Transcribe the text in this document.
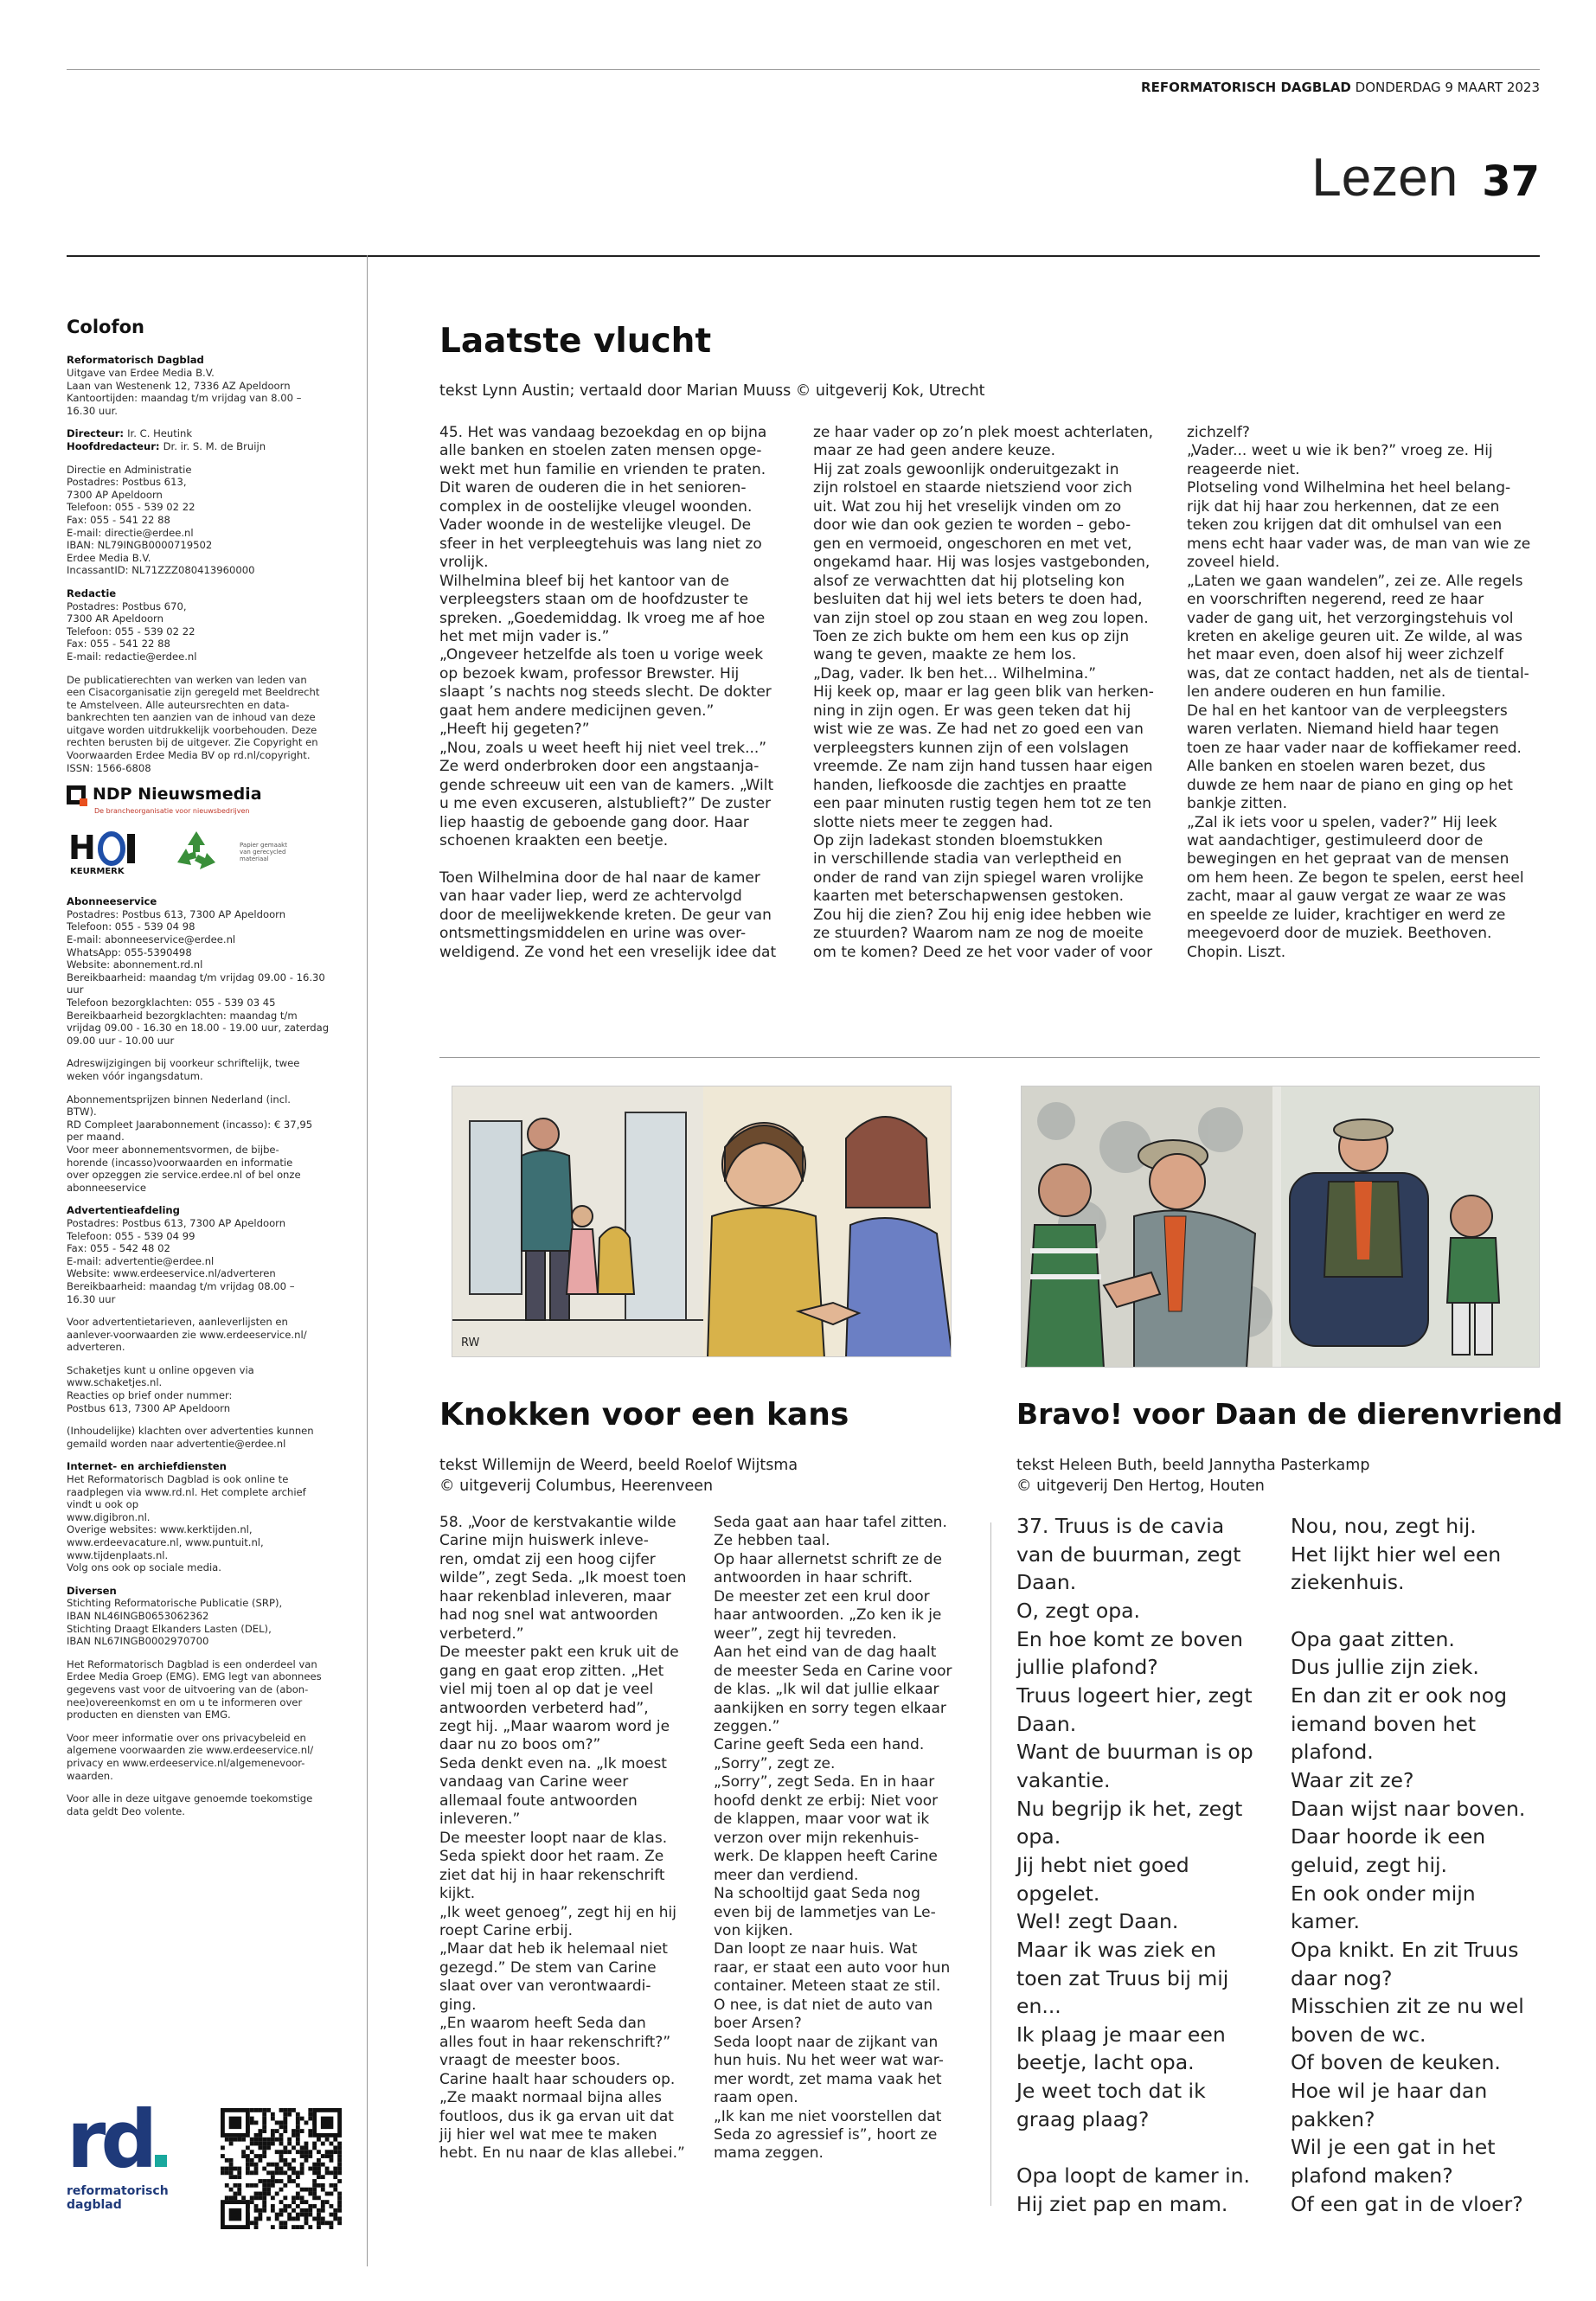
REFORMATORISCH DAGBLAD DONDERDAG 9 MAART 2023
Lezen 37
Colofon
Reformatorisch Dagblad
Uitgave van Erdee Media B.V.
Laan van Westenenk 12, 7336 AZ Apeldoorn
Kantoortijden: maandag t/m vrijdag van 8.00 –
16.30 uur.
Directeur: Ir. C. Heutink
Hoofdredacteur: Dr. ir. S. M. de Bruijn
Directie en Administratie
Postadres: Postbus 613,
7300 AP Apeldoorn
Telefoon: 055 - 539 02 22
Fax: 055 - 541 22 88
E-mail: directie@erdee.nl
IBAN: NL79INGB0000719502
Erdee Media B.V.
IncassantID: NL71ZZZ080413960000
Redactie
Postadres: Postbus 670,
7300 AR Apeldoorn
Telefoon: 055 - 539 02 22
Fax: 055 - 541 22 88
E-mail: redactie@erdee.nl
De publicatierechten van werken van leden van
een Cisacorganisatie zijn geregeld met Beeldrecht
te Amstelveen. Alle auteursrechten en data-
bankrechten ten aanzien van de inhoud van deze
uitgave worden uitdrukkelijk voorbehouden. Deze
rechten berusten bij de uitgever. Zie Copyright en
Voorwaarden Erdee Media BV op rd.nl/copyright.
ISSN: 1566-6808
NDP Nieuwsmedia
De brancheorganisatie voor nieuwsbedrijven
H
KEURMERK
Papier gemaakt van gerecycled materiaal
Abonneeservice
Postadres: Postbus 613, 7300 AP Apeldoorn
Telefoon: 055 - 539 04 98
E-mail: abonneeservice@erdee.nl
WhatsApp: 055-5390498
Website: abonnement.rd.nl
Bereikbaarheid: maandag t/m vrijdag 09.00 - 16.30
uur
Telefoon bezorgklachten: 055 - 539 03 45
Bereikbaarheid bezorgklachten: maandag t/m
vrijdag 09.00 - 16.30 en 18.00 - 19.00 uur, zaterdag
09.00 uur - 10.00 uur
Adreswijzigingen bij voorkeur schriftelijk, twee
weken vóór ingangsdatum.
Abonnementsprijzen binnen Nederland (incl.
BTW).
RD Compleet Jaarabonnement (incasso): € 37,95
per maand.
Voor meer abonnementsvormen, de bijbe-
horende (incasso)voorwaarden en informatie
over opzeggen zie service.erdee.nl of bel onze
abonneeservice
Advertentieafdeling
Postadres: Postbus 613, 7300 AP Apeldoorn
Telefoon: 055 - 539 04 99
Fax: 055 - 542 48 02
E-mail: advertentie@erdee.nl
Website: www.erdeeservice.nl/adverteren
Bereikbaarheid: maandag t/m vrijdag 08.00 –
16.30 uur
Voor advertentietarieven, aanleverlijsten en
aanlever-voorwaarden zie www.erdeeservice.nl/
adverteren.
Schaketjes kunt u online opgeven via
www.schaketjes.nl.
Reacties op brief onder nummer:
Postbus 613, 7300 AP Apeldoorn
(Inhoudelijke) klachten over advertenties kunnen
gemaild worden naar advertentie@erdee.nl
Internet- en archiefdiensten
Het Reformatorisch Dagblad is ook online te
raadplegen via www.rd.nl. Het complete archief
vindt u ook op
www.digibron.nl.
Overige websites: www.kerktijden.nl,
www.erdeevacature.nl, www.puntuit.nl,
www.tijdenplaats.nl.
Volg ons ook op sociale media.
Diversen
Stichting Reformatorische Publicatie (SRP),
IBAN NL46INGB0653062362
Stichting Draagt Elkanders Lasten (DEL),
IBAN NL67INGB0002970700
Het Reformatorisch Dagblad is een onderdeel van
Erdee Media Groep (EMG). EMG legt van abonnees
gegevens vast voor de uitvoering van de (abon-
nee)overeenkomst en om u te informeren over
producten en diensten van EMG.
Voor meer informatie over ons privacybeleid en
algemene voorwaarden zie www.erdeeservice.nl/
privacy en www.erdeeservice.nl/algemenevoor-
waarden.
Voor alle in deze uitgave genoemde toekomstige
data geldt Deo volente.
rd
reformatorisch
dagblad
Laatste vlucht
tekst Lynn Austin; vertaald door Marian Muuss © uitgeverij Kok, Utrecht
45. Het was vandaag bezoekdag en op bijna
alle banken en stoelen zaten mensen opge-
wekt met hun familie en vrienden te praten.
Dit waren de ouderen die in het senioren-
complex in de oostelijke vleugel woonden.
Vader woonde in de westelijke vleugel. De
sfeer in het verpleegtehuis was lang niet zo
vrolijk.
Wilhelmina bleef bij het kantoor van de
verpleegsters staan om de hoofdzuster te
spreken. „Goedemiddag. Ik vroeg me af hoe
het met mijn vader is.”
„Ongeveer hetzelfde als toen u vorige week
op bezoek kwam, professor Brewster. Hij
slaapt ’s nachts nog steeds slecht. De dokter
gaat hem andere medicijnen geven.”
„Heeft hij gegeten?”
„Nou, zoals u weet heeft hij niet veel trek...”
Ze werd onderbroken door een angstaanja-
gende schreeuw uit een van de kamers. „Wilt
u me even excuseren, alstublieft?” De zuster
liep haastig de geboende gang door. Haar
schoenen kraakten een beetje.

Toen Wilhelmina door de hal naar de kamer
van haar vader liep, werd ze achtervolgd
door de meelijwekkende kreten. De geur van
ontsmettingsmiddelen en urine was over-
weldigend. Ze vond het een vreselijk idee dat
ze haar vader op zo’n plek moest achterlaten,
maar ze had geen andere keuze.
Hij zat zoals gewoonlijk onderuitgezakt in
zijn rolstoel en staarde nietsziend voor zich
uit. Wat zou hij het vreselijk vinden om zo
door wie dan ook gezien te worden – gebo-
gen en vermoeid, ongeschoren en met vet,
ongekamd haar. Hij was losjes vastgebonden,
alsof ze verwachtten dat hij plotseling kon
besluiten dat hij wel iets beters te doen had,
van zijn stoel op zou staan en weg zou lopen.
Toen ze zich bukte om hem een kus op zijn
wang te geven, maakte ze hem los.
„Dag, vader. Ik ben het... Wilhelmina.”
Hij keek op, maar er lag geen blik van herken-
ning in zijn ogen. Er was geen teken dat hij
wist wie ze was. Ze had net zo goed een van
verpleegsters kunnen zijn of een volslagen
vreemde. Ze nam zijn hand tussen haar eigen
handen, liefkoosde die zachtjes en praatte
een paar minuten rustig tegen hem tot ze ten
slotte niets meer te zeggen had.
Op zijn ladekast stonden bloemstukken
in verschillende stadia van verleptheid en
onder de rand van zijn spiegel waren vrolijke
kaarten met beterschapwensen gestoken.
Zou hij die zien? Zou hij enig idee hebben wie
ze stuurden? Waarom nam ze nog de moeite
om te komen? Deed ze het voor vader of voor
zichzelf?
„Vader... weet u wie ik ben?” vroeg ze. Hij
reageerde niet.
Plotseling vond Wilhelmina het heel belang-
rijk dat hij haar zou herkennen, dat ze een
teken zou krijgen dat dit omhulsel van een
mens echt haar vader was, de man van wie ze
zoveel hield.
„Laten we gaan wandelen”, zei ze. Alle regels
en voorschriften negerend, reed ze haar
vader de gang uit, het verzorgingstehuis vol
kreten en akelige geuren uit. Ze wilde, al was
het maar even, doen alsof hij weer zichzelf
was, dat ze contact hadden, net als de tiental-
len andere ouderen en hun familie.
De hal en het kantoor van de verpleegsters
waren verlaten. Niemand hield haar tegen
toen ze haar vader naar de koffiekamer reed.
Alle banken en stoelen waren bezet, dus
duwde ze hem naar de piano en ging op het
bankje zitten.
„Zal ik iets voor u spelen, vader?” Hij leek
wat aandachtiger, gestimuleerd door de
bewegingen en het gepraat van de mensen
om hem heen. Ze begon te spelen, eerst heel
zacht, maar al gauw vergat ze waar ze was
en speelde ze luider, krachtiger en werd ze
meegevoerd door de muziek. Beethoven.
Chopin. Liszt.
RW
Knokken voor een kans
tekst Willemijn de Weerd, beeld Roelof Wijtsma
© uitgeverij Columbus, Heerenveen
58. „Voor de kerstvakantie wilde
Carine mijn huiswerk inleve-
ren, omdat zij een hoog cijfer
wilde”, zegt Seda. „Ik moest toen
haar rekenblad inleveren, maar
had nog snel wat antwoorden
verbeterd.”
De meester pakt een kruk uit de
gang en gaat erop zitten. „Het
viel mij toen al op dat je veel
antwoorden verbeterd had”,
zegt hij. „Maar waarom word je
daar nu zo boos om?”
Seda denkt even na. „Ik moest
vandaag van Carine weer
allemaal foute antwoorden
inleveren.”
De meester loopt naar de klas.
Seda spiekt door het raam. Ze
ziet dat hij in haar rekenschrift
kijkt.
„Ik weet genoeg”, zegt hij en hij
roept Carine erbij.
„Maar dat heb ik helemaal niet
gezegd.” De stem van Carine
slaat over van verontwaardi-
ging.
„En waarom heeft Seda dan
alles fout in haar rekenschrift?”
vraagt de meester boos.
Carine haalt haar schouders op.
„Ze maakt normaal bijna alles
foutloos, dus ik ga ervan uit dat
jij hier wel wat mee te maken
hebt. En nu naar de klas allebei.”
Seda gaat aan haar tafel zitten.
Ze hebben taal.
Op haar allernetst schrift ze de
antwoorden in haar schrift.
De meester zet een krul door
haar antwoorden. „Zo ken ik je
weer”, zegt hij tevreden.
Aan het eind van de dag haalt
de meester Seda en Carine voor
de klas. „Ik wil dat jullie elkaar
aankijken en sorry tegen elkaar
zeggen.”
Carine geeft Seda een hand.
„Sorry”, zegt ze.
„Sorry”, zegt Seda. En in haar
hoofd denkt ze erbij: Niet voor
de klappen, maar voor wat ik
verzon over mijn rekenhuis-
werk. De klappen heeft Carine
meer dan verdiend.
Na schooltijd gaat Seda nog
even bij de lammetjes van Le-
von kijken.
Dan loopt ze naar huis. Wat
raar, er staat een auto voor hun
container. Meteen staat ze stil.
O nee, is dat niet de auto van
boer Arsen?
Seda loopt naar de zijkant van
hun huis. Nu het weer wat war-
mer wordt, zet mama vaak het
raam open.
„Ik kan me niet voorstellen dat
Seda zo agressief is”, hoort ze
mama zeggen.
Bravo! voor Daan de dierenvriend
tekst Heleen Buth, beeld Jannytha Pasterkamp
© uitgeverij Den Hertog, Houten
37. Truus is de cavia
van de buurman, zegt
Daan.
O, zegt opa.
En hoe komt ze boven
jullie plafond?
Truus logeert hier, zegt
Daan.
Want de buurman is op
vakantie.
Nu begrijp ik het, zegt
opa.
Jij hebt niet goed
opgelet.
Wel! zegt Daan.
Maar ik was ziek en
toen zat Truus bij mij
en...
Ik plaag je maar een
beetje, lacht opa.
Je weet toch dat ik
graag plaag?

Opa loopt de kamer in.
Hij ziet pap en mam.
Nou, nou, zegt hij.
Het lijkt hier wel een
ziekenhuis.

Opa gaat zitten.
Dus jullie zijn ziek.
En dan zit er ook nog
iemand boven het
plafond.
Waar zit ze?
Daan wijst naar boven.
Daar hoorde ik een
geluid, zegt hij.
En ook onder mijn
kamer.
Opa knikt. En zit Truus
daar nog?
Misschien zit ze nu wel
boven de wc.
Of boven de keuken.
Hoe wil je haar dan
pakken?
Wil je een gat in het
plafond maken?
Of een gat in de vloer?
